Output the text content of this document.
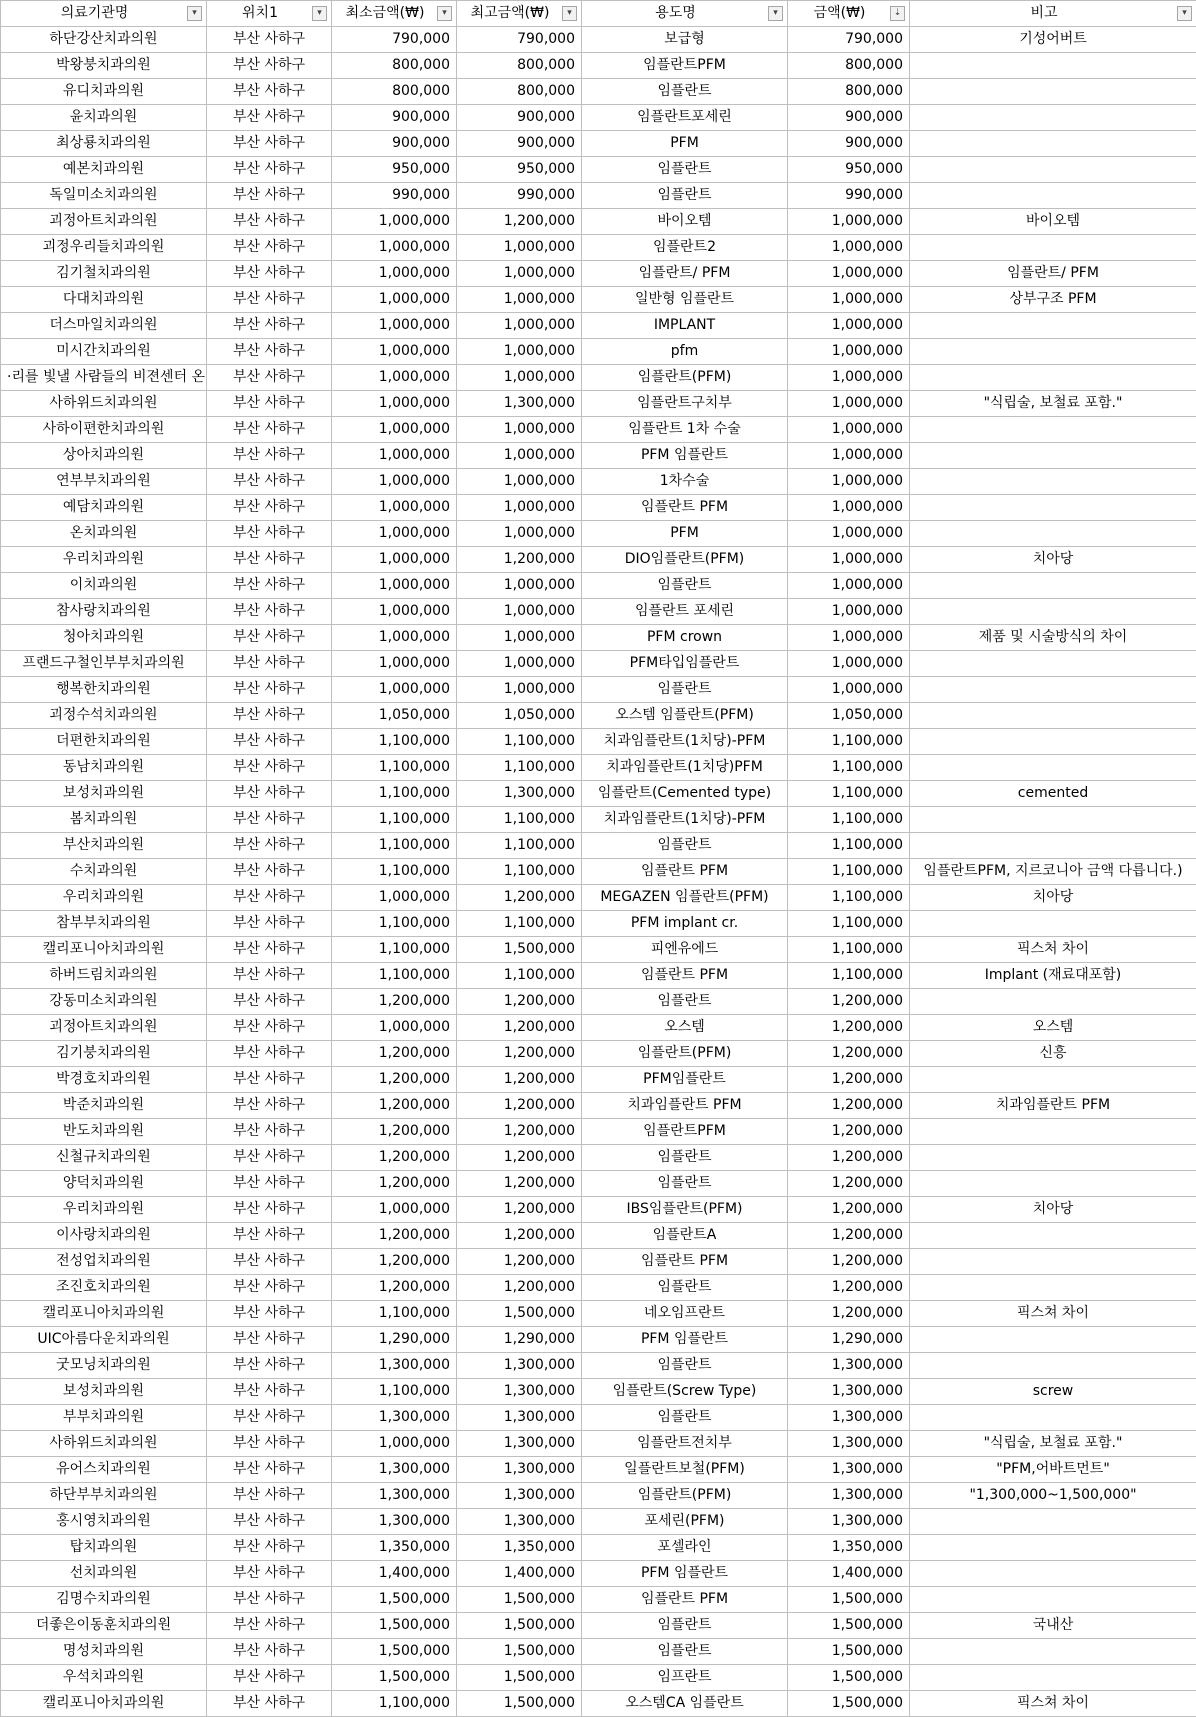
의료기관명 ▾	위치1 ▾	최소금액(₩) ▾	최고금액(₩) ▾	용도명 ▾	금액(₩) ⇣	비고 ▾

하단강산치과의원	부산 사하구	790,000	790,000	보급형	790,000	기성어버트
박왕붕치과의원	부산 사하구	800,000	800,000	임플란트PFM	800,000	
유디치과의원	부산 사하구	800,000	800,000	임플란트	800,000	
윤치과의원	부산 사하구	900,000	900,000	임플란트포세린	900,000	
최상룡치과의원	부산 사하구	900,000	900,000	PFM	900,000	
예본치과의원	부산 사하구	950,000	950,000	임플란트	950,000	
독일미소치과의원	부산 사하구	990,000	990,000	임플란트	990,000	
괴정아트치과의원	부산 사하구	1,000,000	1,200,000	바이오템	1,000,000	바이오템
괴정우리들치과의원	부산 사하구	1,000,000	1,000,000	임플란트2	1,000,000	
김기철치과의원	부산 사하구	1,000,000	1,000,000	임플란트/ PFM	1,000,000	임플란트/ PFM
다대치과의원	부산 사하구	1,000,000	1,000,000	일반형 임플란트	1,000,000	상부구조 PFM
더스마일치과의원	부산 사하구	1,000,000	1,000,000	IMPLANT	1,000,000	
미시간치과의원	부산 사하구	1,000,000	1,000,000	pfm	1,000,000	
·리를 빛낼 사람들의 비젼센터 온	부산 사하구	1,000,000	1,000,000	임플란트(PFM)	1,000,000	
사하위드치과의원	부산 사하구	1,000,000	1,300,000	임플란트구치부	1,000,000	"식립술, 보철료 포함."
사하이편한치과의원	부산 사하구	1,000,000	1,000,000	임플란트 1차 수술	1,000,000	
상아치과의원	부산 사하구	1,000,000	1,000,000	PFM 임플란트	1,000,000	
연부부치과의원	부산 사하구	1,000,000	1,000,000	1차수술	1,000,000	
예담치과의원	부산 사하구	1,000,000	1,000,000	임플란트 PFM	1,000,000	
온치과의원	부산 사하구	1,000,000	1,000,000	PFM	1,000,000	
우리치과의원	부산 사하구	1,000,000	1,200,000	DIO임플란트(PFM)	1,000,000	치아당
이치과의원	부산 사하구	1,000,000	1,000,000	임플란트	1,000,000	
참사랑치과의원	부산 사하구	1,000,000	1,000,000	임플란트 포세린	1,000,000	
청아치과의원	부산 사하구	1,000,000	1,000,000	PFM crown	1,000,000	제품 및 시술방식의 차이
프랜드구철인부부치과의원	부산 사하구	1,000,000	1,000,000	PFM타입임플란트	1,000,000	
행복한치과의원	부산 사하구	1,000,000	1,000,000	임플란트	1,000,000	
괴정수석치과의원	부산 사하구	1,050,000	1,050,000	오스템 임플란트(PFM)	1,050,000	
더편한치과의원	부산 사하구	1,100,000	1,100,000	치과임플란트(1치당)-PFM	1,100,000	
동남치과의원	부산 사하구	1,100,000	1,100,000	치과임플란트(1치당)PFM	1,100,000	
보성치과의원	부산 사하구	1,100,000	1,300,000	임플란트(Cemented type)	1,100,000	cemented
봄치과의원	부산 사하구	1,100,000	1,100,000	치과임플란트(1치당)-PFM	1,100,000	
부산치과의원	부산 사하구	1,100,000	1,100,000	임플란트	1,100,000	
수치과의원	부산 사하구	1,100,000	1,100,000	임플란트 PFM	1,100,000	임플란트PFM, 지르코니아 금액 다릅니다.)
우리치과의원	부산 사하구	1,000,000	1,200,000	MEGAZEN 임플란트(PFM)	1,100,000	치아당
참부부치과의원	부산 사하구	1,100,000	1,100,000	PFM implant cr.	1,100,000	
캘리포니아치과의원	부산 사하구	1,100,000	1,500,000	피엔유에드	1,100,000	픽스처 차이
하버드림치과의원	부산 사하구	1,100,000	1,100,000	임플란트 PFM	1,100,000	Implant (재료대포함)
강동미소치과의원	부산 사하구	1,200,000	1,200,000	임플란트	1,200,000	
괴정아트치과의원	부산 사하구	1,000,000	1,200,000	오스템	1,200,000	오스템
김기붕치과의원	부산 사하구	1,200,000	1,200,000	임플란트(PFM)	1,200,000	신흥
박경호치과의원	부산 사하구	1,200,000	1,200,000	PFM임플란트	1,200,000	
박준치과의원	부산 사하구	1,200,000	1,200,000	치과임플란트 PFM	1,200,000	치과임플란트 PFM
반도치과의원	부산 사하구	1,200,000	1,200,000	임플란트PFM	1,200,000	
신철규치과의원	부산 사하구	1,200,000	1,200,000	임플란트	1,200,000	
양덕치과의원	부산 사하구	1,200,000	1,200,000	임플란트	1,200,000	
우리치과의원	부산 사하구	1,000,000	1,200,000	IBS임플란트(PFM)	1,200,000	치아당
이사랑치과의원	부산 사하구	1,200,000	1,200,000	임플란트A	1,200,000	
전성업치과의원	부산 사하구	1,200,000	1,200,000	임플란트 PFM	1,200,000	
조진호치과의원	부산 사하구	1,200,000	1,200,000	임플란트	1,200,000	
캘리포니아치과의원	부산 사하구	1,100,000	1,500,000	네오임프란트	1,200,000	픽스쳐 차이
UIC아름다운치과의원	부산 사하구	1,290,000	1,290,000	PFM 임플란트	1,290,000	
굿모닝치과의원	부산 사하구	1,300,000	1,300,000	임플란트	1,300,000	
보성치과의원	부산 사하구	1,100,000	1,300,000	임플란트(Screw Type)	1,300,000	screw
부부치과의원	부산 사하구	1,300,000	1,300,000	임플란트	1,300,000	
사하위드치과의원	부산 사하구	1,000,000	1,300,000	임플란트전치부	1,300,000	"식립술, 보철료 포함."
유어스치과의원	부산 사하구	1,300,000	1,300,000	일플란트보철(PFM)	1,300,000	"PFM,어바트먼트"
하단부부치과의원	부산 사하구	1,300,000	1,300,000	임플란트(PFM)	1,300,000	"1,300,000~1,500,000"
홍시영치과의원	부산 사하구	1,300,000	1,300,000	포세린(PFM)	1,300,000	
탑치과의원	부산 사하구	1,350,000	1,350,000	포셀라인	1,350,000	
선치과의원	부산 사하구	1,400,000	1,400,000	PFM 임플란트	1,400,000	
김명수치과의원	부산 사하구	1,500,000	1,500,000	임플란트 PFM	1,500,000	
더좋은이동훈치과의원	부산 사하구	1,500,000	1,500,000	임플란트	1,500,000	국내산
명성치과의원	부산 사하구	1,500,000	1,500,000	임플란트	1,500,000	
우석치과의원	부산 사하구	1,500,000	1,500,000	임프란트	1,500,000	
캘리포니아치과의원	부산 사하구	1,100,000	1,500,000	오스템CA 임플란트	1,500,000	픽스쳐 차이
